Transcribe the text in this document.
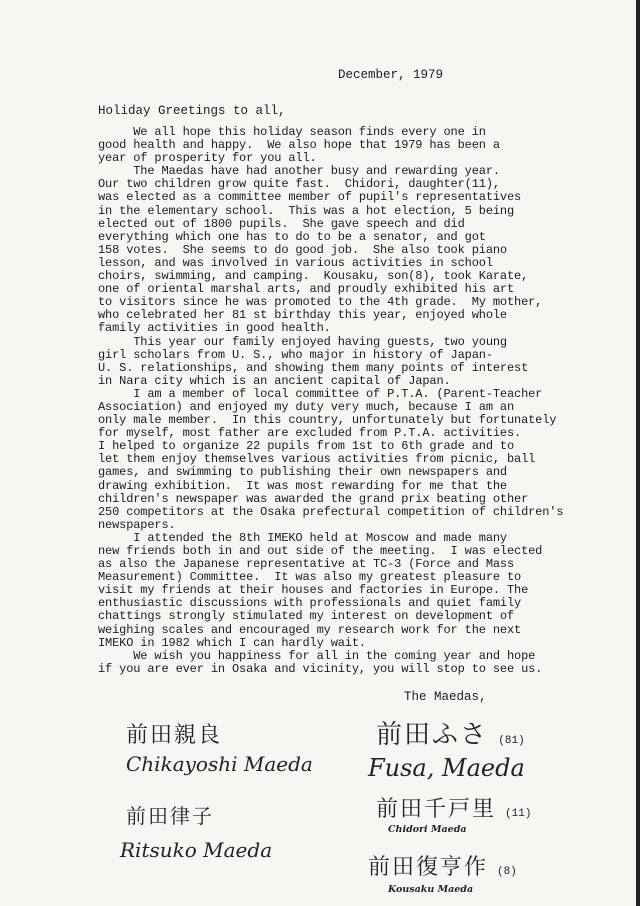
December, 1979
Holiday Greetings to all,
We all hope this holiday season finds every one in
good health and happy.  We also hope that 1979 has been a
year of prosperity for you all.
The Maedas have had another busy and rewarding year.
Our two children grow quite fast.  Chidori, daughter(11),
was elected as a committee member of pupil's representatives
in the elementary school.  This was a hot election, 5 being
elected out of 1800 pupils.  She gave speech and did
everything which one has to do to be a senator, and got
158 votes.  She seems to do good job.  She also took piano
lesson, and was involved in various activities in school
choirs, swimming, and camping.  Kousaku, son(8), took Karate,
one of oriental marshal arts, and proudly exhibited his art
to visitors since he was promoted to the 4th grade.  My mother,
who celebrated her 81 st birthday this year, enjoyed whole
family activities in good health.
This year our family enjoyed having guests, two young
girl scholars from U. S., who major in history of Japan-
U. S. relationships, and showing them many points of interest
in Nara city which is an ancient capital of Japan.
I am a member of local committee of P.T.A. (Parent-Teacher
Association) and enjoyed my duty very much, because I am an
only male member.  In this country, unfortunately but fortunately
for myself, most father are excluded from P.T.A. activities.
I helped to organize 22 pupils from 1st to 6th grade and to
let them enjoy themselves various activities from picnic, ball
games, and swimming to publishing their own newspapers and
drawing exhibition.  It was most rewarding for me that the
children's newspaper was awarded the grand prix beating other
250 competitors at the Osaka prefectural competition of children's
newspapers.
I attended the 8th IMEKO held at Moscow and made many
new friends both in and out side of the meeting.  I was elected
as also the Japanese representative at TC-3 (Force and Mass
Measurement) Committee.  It was also my greatest pleasure to
visit my friends at their houses and factories in Europe. The
enthusiastic discussions with professionals and quiet family
chattings strongly stimulated my interest on development of
weighing scales and encouraged my research work for the next
IMEKO in 1982 which I can hardly wait.
We wish you happiness for all in the coming year and hope
if you are ever in Osaka and vicinity, you will stop to see us.
The Maedas,
前田親良
Chikayoshi Maeda
前田律子
Ritsuko Maeda
前田ふさ (81)
Fusa, Maeda
前田千戸里 (11)
Chidori Maeda
前田復亨作 (8)
Kousaku Maeda
